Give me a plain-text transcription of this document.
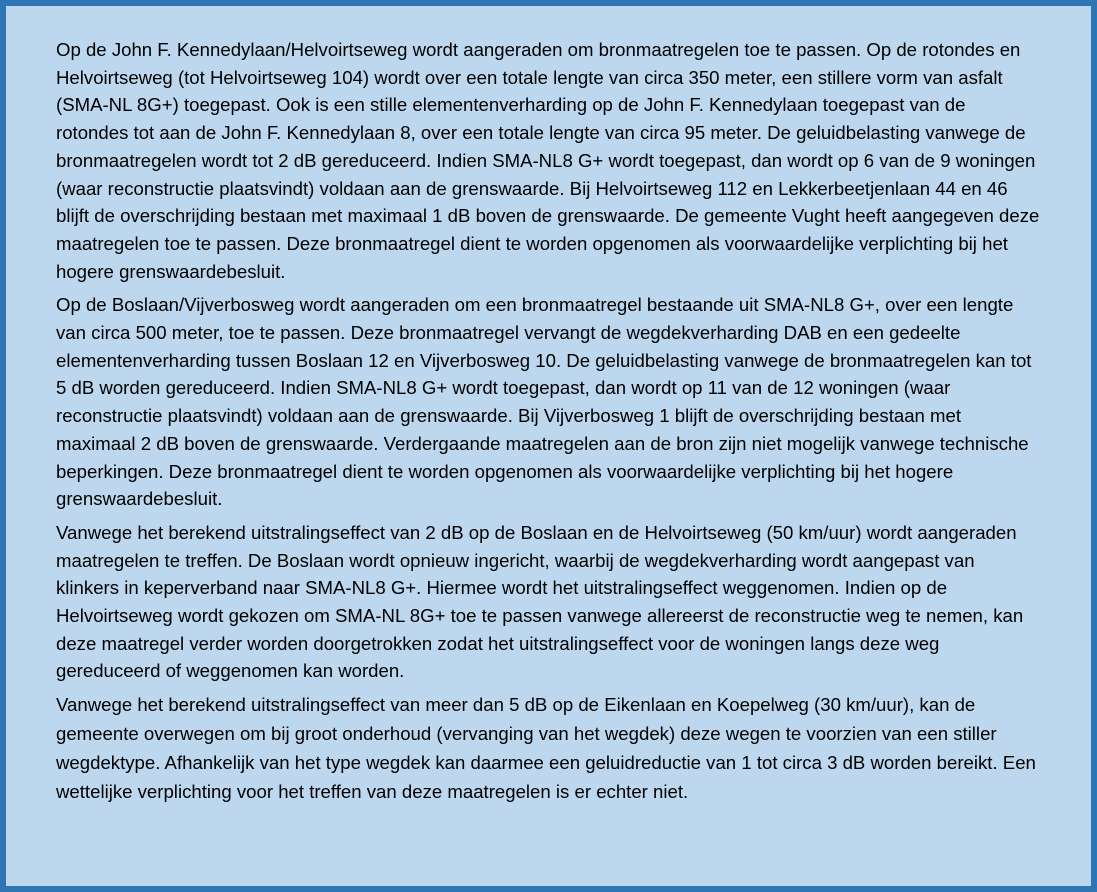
Op de John F. Kennedylaan/Helvoirtseweg wordt aangeraden om bronmaatregelen toe te passen. Op de rotondes en Helvoirtseweg (tot Helvoirtseweg 104) wordt over een totale lengte van circa 350 meter, een stillere vorm van asfalt (SMA-NL 8G+) toegepast. Ook is een stille elementenverharding op de John F. Kennedylaan toegepast van de rotondes tot aan de John F. Kennedylaan 8, over een totale lengte van circa 95 meter. De geluidbelasting vanwege de bronmaatregelen wordt tot 2 dB gereduceerd. Indien SMA-NL8 G+ wordt toegepast, dan wordt op 6 van de 9 woningen (waar reconstructie plaatsvindt) voldaan aan de grenswaarde. Bij Helvoirtseweg 112 en Lekkerbeetjenlaan 44 en 46 blijft de overschrijding bestaan met maximaal 1 dB boven de grenswaarde. De gemeente Vught heeft aangegeven deze maatregelen toe te passen. Deze bronmaatregel dient te worden opgenomen als voorwaardelijke verplichting bij het hogere grenswaardebesluit.

Op de Boslaan/Vijverbosweg wordt aangeraden om een bronmaatregel bestaande uit SMA-NL8 G+, over een lengte van circa 500 meter, toe te passen. Deze bronmaatregel vervangt de wegdekverharding DAB en een gedeelte elementenverharding tussen Boslaan 12 en Vijverbosweg 10. De geluidbelasting vanwege de bronmaatregelen kan tot 5 dB worden gereduceerd. Indien SMA-NL8 G+ wordt toegepast, dan wordt op 11 van de 12 woningen (waar reconstructie plaatsvindt) voldaan aan de grenswaarde. Bij Vijverbosweg 1 blijft de overschrijding bestaan met maximaal 2 dB boven de grenswaarde. Verdergaande maatregelen aan de bron zijn niet mogelijk vanwege technische beperkingen. Deze bronmaatregel dient te worden opgenomen als voorwaardelijke verplichting bij het hogere grenswaardebesluit.

Vanwege het berekend uitstralingseffect van 2 dB op de Boslaan en de Helvoirtseweg (50 km/uur) wordt aangeraden maatregelen te treffen. De Boslaan wordt opnieuw ingericht, waarbij de wegdekverharding wordt aangepast van klinkers in keperverband naar SMA-NL8 G+. Hiermee wordt het uitstralingseffect weggenomen. Indien op de Helvoirtseweg wordt gekozen om SMA-NL 8G+ toe te passen vanwege allereerst de reconstructie weg te nemen, kan deze maatregel verder worden doorgetrokken zodat het uitstralingseffect voor de woningen langs deze weg gereduceerd of weggenomen kan worden.

Vanwege het berekend uitstralingseffect van meer dan 5 dB op de Eikenlaan en Koepelweg (30 km/uur), kan de gemeente overwegen om bij groot onderhoud (vervanging van het wegdek) deze wegen te voorzien van een stiller wegdektype. Afhankelijk van het type wegdek kan daarmee een geluidreductie van 1 tot circa 3 dB worden bereikt. Een wettelijke verplichting voor het treffen van deze maatregelen is er echter niet.
